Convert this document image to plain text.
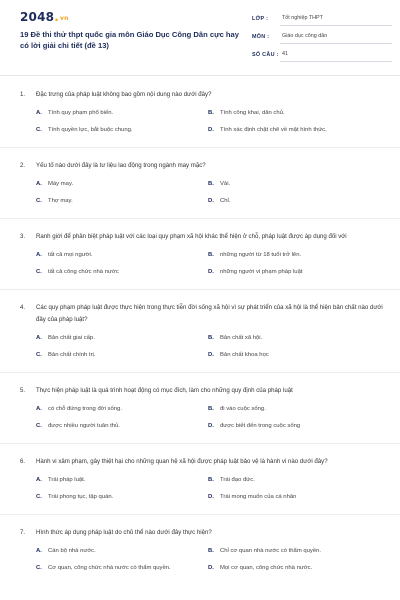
2048.vn
19 Đề thi thử thpt quốc gia môn Giáo Dục Công Dân cực hay có lời giải chi tiết (đề 13)
LỚP :	Tốt nghiệp THPT
MÔN :	Giáo dục công dân
SỐ CÂU : 41
1.	Đặc trưng của pháp luật không bao gồm nội dung nào dưới đây?
A.	Tính quy phạm phổ biến.	B.	Tính công khai, dân chủ.
C.	Tính quyền lực, bắt buộc chung.	D.	Tính xác định chặt chẽ về mặt hình thức.
2.	Yếu tố nào dưới đây là tư liệu lao động trong ngành may mặc?
A.	Máy may.	B.	Vải.
C.	Thợ may.	D.	Chỉ.
3.	Ranh giới để phân biệt pháp luật với các loại quy phạm xã hội khác thể hiện ở chỗ, pháp luật được áp dụng đối với
A.	tất cả mọi người.	B.	những người từ 18 tuổi trở lên.
C.	tất cả công chức nhà nước	D.	những người vi phạm pháp luật
4.	Các quy phạm pháp luật được thực hiện trong thực tiễn đời sống xã hội vì sự phát triển của xã hội là thể hiện bản chất nào dưới đây của pháp luật?
A.	Bản chất giai cấp.	B.	Bản chất xã hội.
C.	Bản chất chính trị.	D.	Bản chất khoa học
5.	Thực hiện pháp luật là quá trình hoạt động có mục đích, làm cho những quy định của pháp luật
A.	có chỗ đứng trong đời sống.	B.	đi vào cuộc sống.
C.	được nhiều người tuân thủ.	D.	được biết đến trong cuộc sống
6.	Hành vi xâm phạm, gây thiệt hại cho những quan hệ xã hội được pháp luật bảo vệ là hành vi nào dưới đây?
A.	Trái pháp luật.	B.	Trái đạo đức.
C.	Trái phong tục, tập quán.	D.	Trái mong muốn của cá nhân
7.	Hình thức áp dụng pháp luật do chủ thể nào dưới đây thực hiện?
A.	Cán bộ nhà nước.	B.	Chỉ cơ quan nhà nước có thẩm quyền.
C.	Cơ quan, công chức nhà nước có thẩm quyền.	D.	Mọi cơ quan, công chức nhà nước.
